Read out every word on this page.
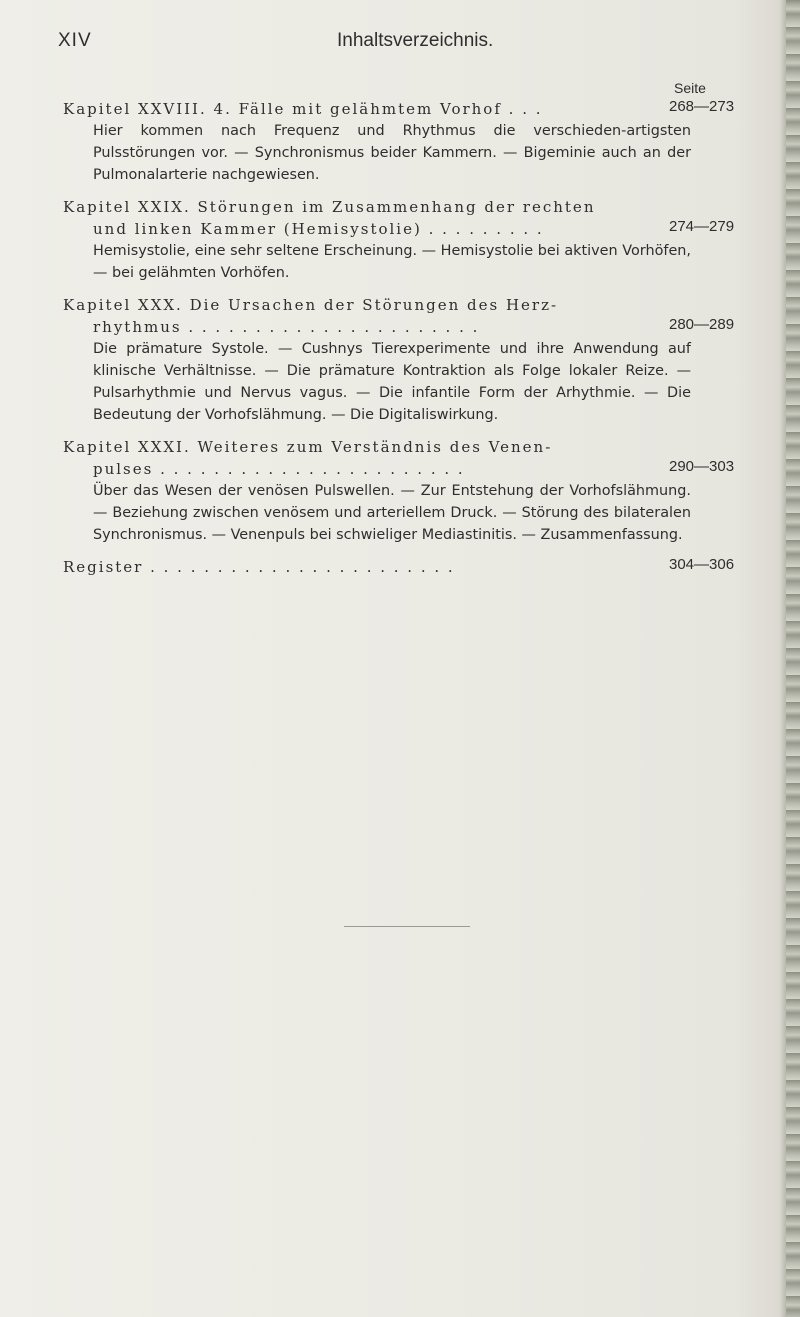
XIV	Inhaltsverzeichnis.
Seite
Kapitel XXVIII. 4. Fälle mit gelähmtem Vorhof . . .	268—273
Hier kommen nach Frequenz und Rhythmus die verschieden-artigsten Pulsstörungen vor. — Synchronismus beider Kammern. — Bigeminie auch an der Pulmonalarterie nachgewiesen.
Kapitel XXIX. Störungen im Zusammenhang der rechten
und linken Kammer (Hemisystolie) . . . . . . . . .	274—279
Hemisystolie, eine sehr seltene Erscheinung. — Hemisystolie bei aktiven Vorhöfen, — bei gelähmten Vorhöfen.
Kapitel XXX. Die Ursachen der Störungen des Herz-
rhythmus . . . . . . . . . . . . . . . . . . . . . .	280—289
Die prämature Systole. — Cushnys Tierexperimente und ihre Anwendung auf klinische Verhältnisse. — Die prämature Kontraktion als Folge lokaler Reize. — Pulsarhythmie und Nervus vagus. — Die infantile Form der Arhythmie. — Die Bedeutung der Vorhofslähmung. — Die Digitaliswirkung.
Kapitel XXXI. Weiteres zum Verständnis des Venen-
pulses . . . . . . . . . . . . . . . . . . . . . . .	290—303
Über das Wesen der venösen Pulswellen. — Zur Entstehung der Vorhofslähmung. — Beziehung zwischen venösem und arteriellem Druck. — Störung des bilateralen Synchronismus. — Venenpuls bei schwieliger Mediastinitis. — Zusammenfassung.
Register . . . . . . . . . . . . . . . . . . . . . . .	304—306
